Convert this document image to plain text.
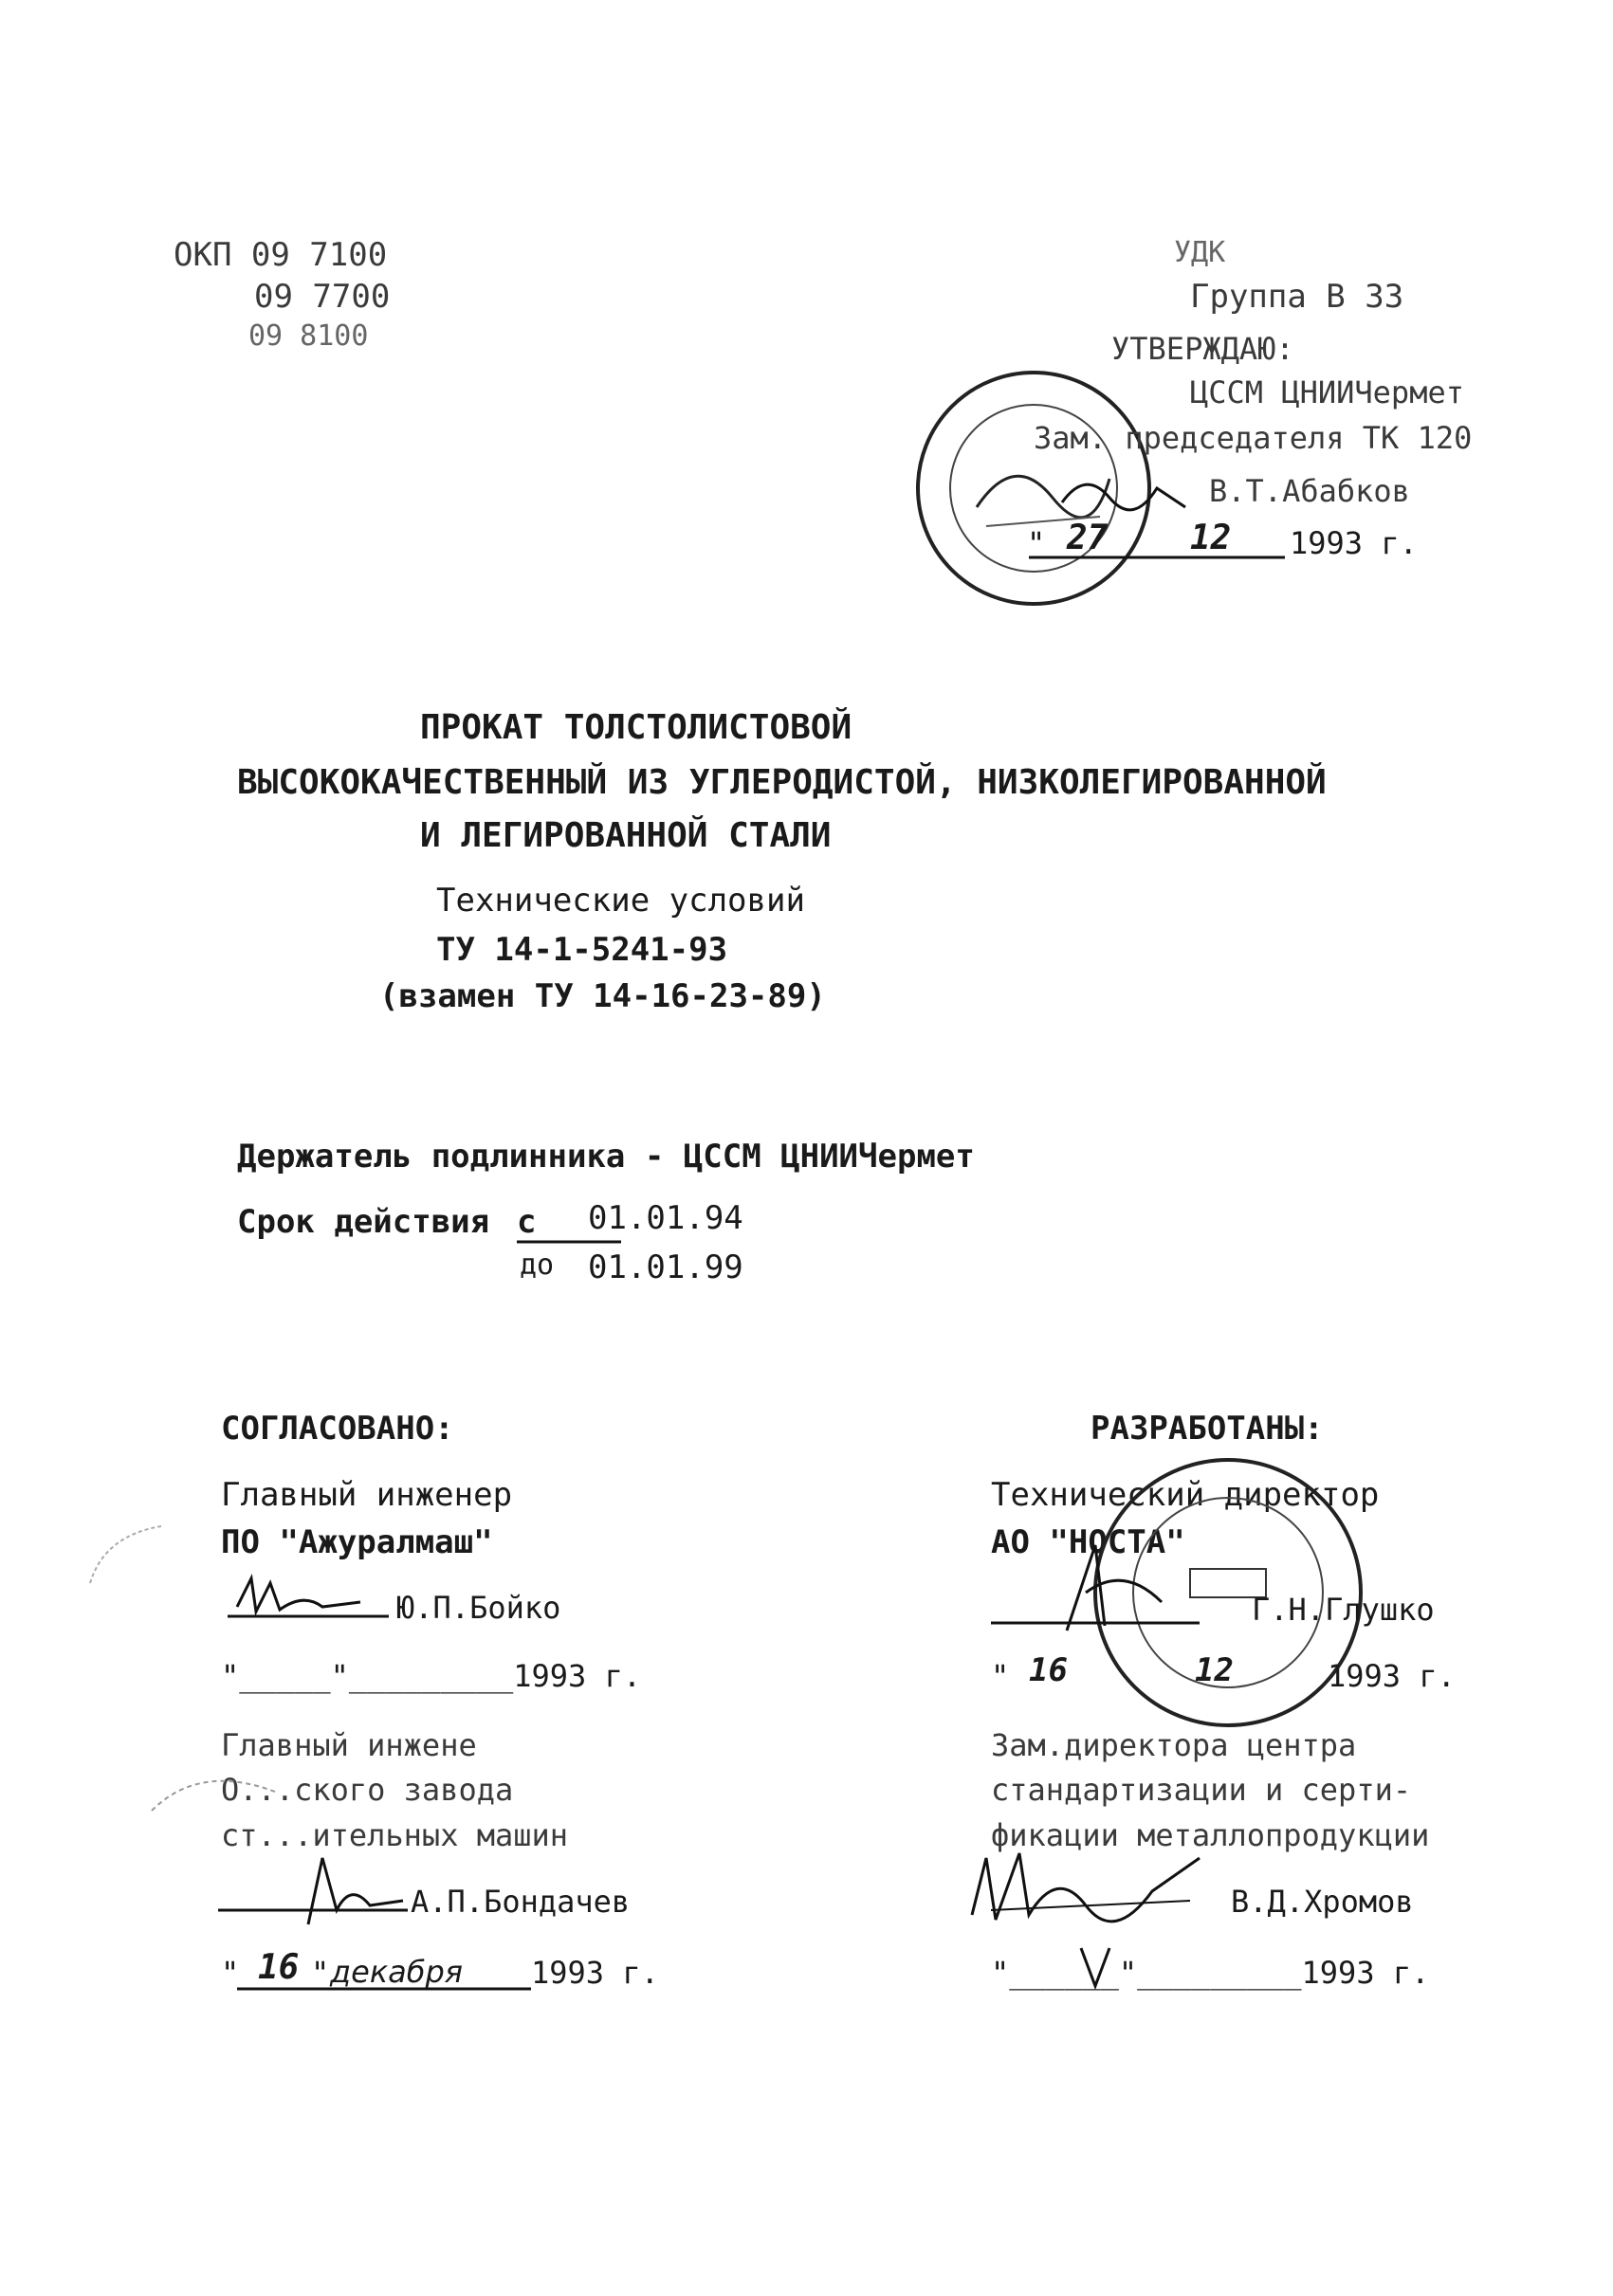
ОКП 09 7100
09 7700
09 8100
УДК
Группа В 33
УТВЕРЖДАЮ:
ЦССМ ЦНИИЧермет
Зам. председателя ТК 120
В.Т.Абабков
" 27 12 1993 г.
ПРОКАТ ТОЛСТОЛИСТОВОЙ
ВЫСОКОКАЧЕСТВЕННЫЙ ИЗ УГЛЕРОДИСТОЙ, НИЗКОЛЕГИРОВАННОЙ
И ЛЕГИРОВАННОЙ СТАЛИ
Технические условий
ТУ 14-1-5241-93
(взамен ТУ 14-16-23-89)
Держатель подлинника - ЦССМ ЦНИИЧермет
Срок действия с 01.01.94
до 01.01.99
СОГЛАСОВАНО:
Главный инженер
ПО "Ажуралмаш"
Ю.П.Бойко
"_____"_________1993 г.
Главный инжене
О...ского завода
ст...ительных машин
А.П.Бондачев
" 16 " декабря 1993 г.
РАЗРАБОТАНЫ:
Технический директор
АО "НОСТА"
Г.Н.Глушко
" 16	12	1993 г.
Зам.директора центра
стандартизации и серти-
фикации металлопродукции
В.Д.Хромов
"______"_________1993 г.
